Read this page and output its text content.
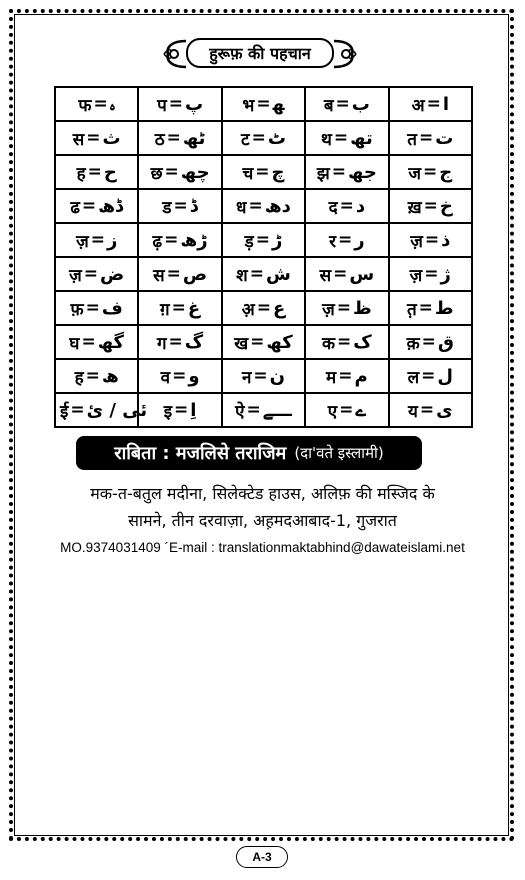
हुरूफ़ की पहचान
फ = ﮦ	प = پ	भ = ﮭ	ब = ب	अ = ا

स = ث	ठ = ٹھ	ट = ٹ	थ = تھ	त = ت

ह = ح	छ = چھ	च = چ	झ = جھ	ज = ج

ढ = ڈھ	ड = ڈ	ध = دھ	द = د	ख़ = خ

ज़ = ز	ढ़ = ڑھ	ड़ = ڑ	र = ر	ज़ = ذ

ज़ = ض	स = ص	श = ش	स = س	ज़ = ژ

फ़ = ف	ग़ = غ	अ़ = ع	ज़ = ظ	त़ = ط

घ = گھ	ग = گ	ख = کھ	क = ک	क़ = ق

ह = ھ	व = و	न = ن	म = م	ल = ل

ई = ئی / ئ	इ = اِ	ऐ = ـــے	ए = ے	य = ی
राबिता : मजलिसे तराजिम (दा'वते इस्लामी)
मक-त-बतुल मदीना, सिलेक्टेड हाउस, अलिफ़ की मस्जिद के
सामने, तीन दरवाज़ा, अह़मदआबाद-1, गुजरात
MO.9374031409 ´E-mail : translationmaktabhind@dawateislami.net
A-3
